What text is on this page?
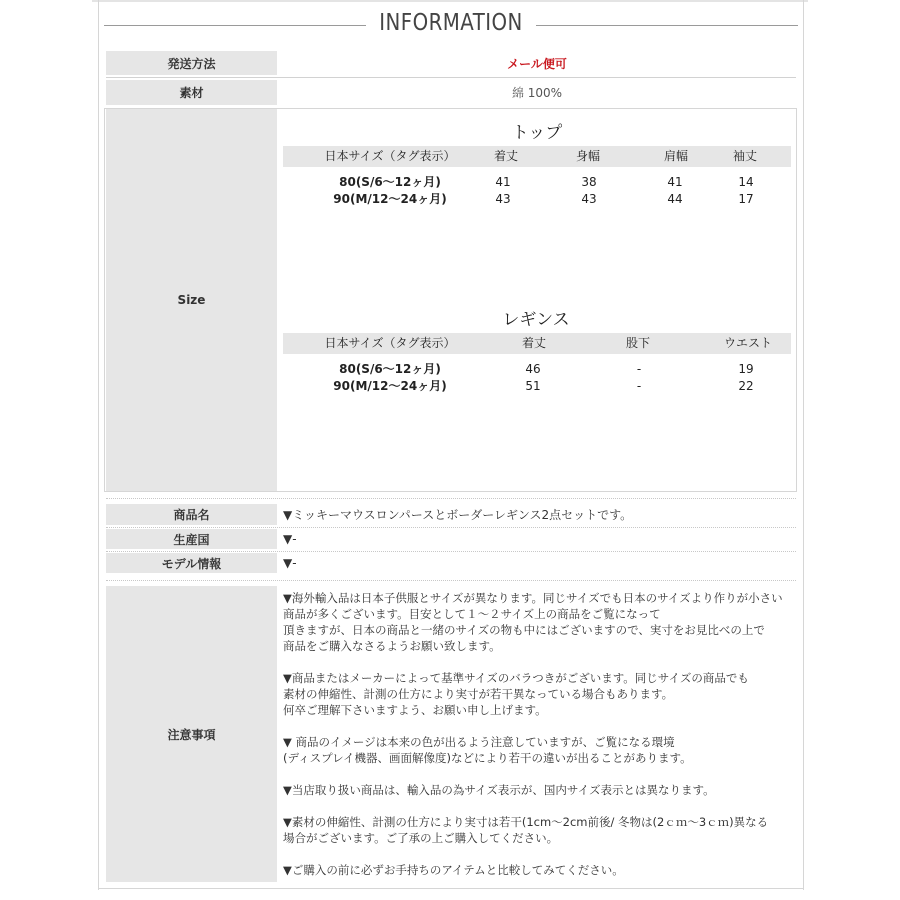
INFORMATION
発送方法	メール便可
素材	綿 100%
Size
トップ
日本サイズ（タグ表示）	着丈	身幅	肩幅	袖丈
80(S/6〜12ヶ月)	41	38	41	14
90(M/12〜24ヶ月)	43	43	44	17
レギンス
日本サイズ（タグ表示）	着丈	股下	ウエスト
80(S/6〜12ヶ月)	46	-	19
90(M/12〜24ヶ月)	51	-	22
商品名	▼ミッキーマウスロンパースとボーダーレギンス2点セットです。
生産国	▼-
モデル情報	▼-
注意事項

▼海外輸入品は日本子供服とサイズが異なります。同じサイズでも日本のサイズより作りが小さい
商品が多くございます。目安として１～２サイズ上の商品をご覧になって
頂きますが、日本の商品と一緒のサイズの物も中にはございますので、実寸をお見比べの上で
商品をご購入なさるようお願い致します。

▼商品またはメーカーによって基準サイズのバラつきがございます。同じサイズの商品でも
素材の伸縮性、計測の仕方により実寸が若干異なっている場合もあります。
何卒ご理解下さいますよう、お願い申し上げます。

▼ 商品のイメージは本来の色が出るよう注意していますが、ご覧になる環境
(ディスプレイ機器、画面解像度)などにより若干の違いが出ることがあります。

▼当店取り扱い商品は、輸入品の為サイズ表示が、国内サイズ表示とは異なります。

▼素材の伸縮性、計測の仕方により実寸は若干(1cm〜2cm前後/ 冬物は(2ｃｍ〜3ｃｍ)異なる
場合がございます。ご了承の上ご購入してください。

▼ご購入の前に必ずお手持ちのアイテムと比較してみてください。
